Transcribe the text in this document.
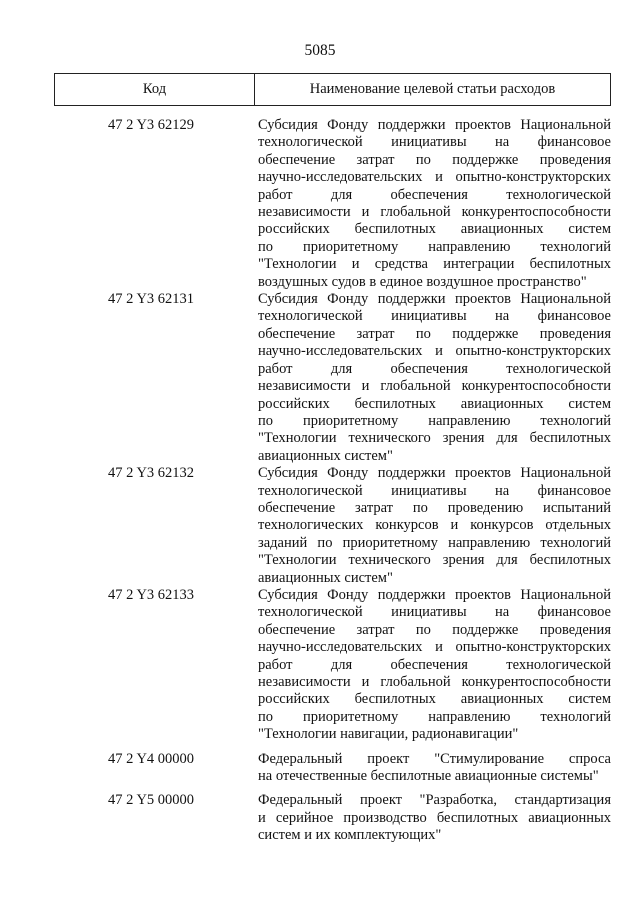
5085
Код	Наименование целевой статьи расходов
47 2 Y3 62129	Субсидия Фонду поддержки проектов Национальной
технологической инициативы на финансовое
обеспечение затрат по поддержке проведения
научно-исследовательских и опытно-конструкторских
работ для обеспечения технологической
независимости и глобальной конкурентоспособности
российских беспилотных авиационных систем
по приоритетному направлению технологий
"Технологии и средства интеграции беспилотных
воздушных судов в единое воздушное пространство"
47 2 Y3 62131	Субсидия Фонду поддержки проектов Национальной
технологической инициативы на финансовое
обеспечение затрат по поддержке проведения
научно-исследовательских и опытно-конструкторских
работ для обеспечения технологической
независимости и глобальной конкурентоспособности
российских беспилотных авиационных систем
по приоритетному направлению технологий
"Технологии технического зрения для беспилотных
авиационных систем"
47 2 Y3 62132	Субсидия Фонду поддержки проектов Национальной
технологической инициативы на финансовое
обеспечение затрат по проведению испытаний
технологических конкурсов и конкурсов отдельных
заданий по приоритетному направлению технологий
"Технологии технического зрения для беспилотных
авиационных систем"
47 2 Y3 62133	Субсидия Фонду поддержки проектов Национальной
технологической инициативы на финансовое
обеспечение затрат по поддержке проведения
научно-исследовательских и опытно-конструкторских
работ для обеспечения технологической
независимости и глобальной конкурентоспособности
российских беспилотных авиационных систем
по приоритетному направлению технологий
"Технологии навигации, радионавигации"
47 2 Y4 00000	Федеральный проект "Стимулирование спроса
на отечественные беспилотные авиационные системы"
47 2 Y5 00000	Федеральный проект "Разработка, стандартизация
и серийное производство беспилотных авиационных
систем и их комплектующих"
